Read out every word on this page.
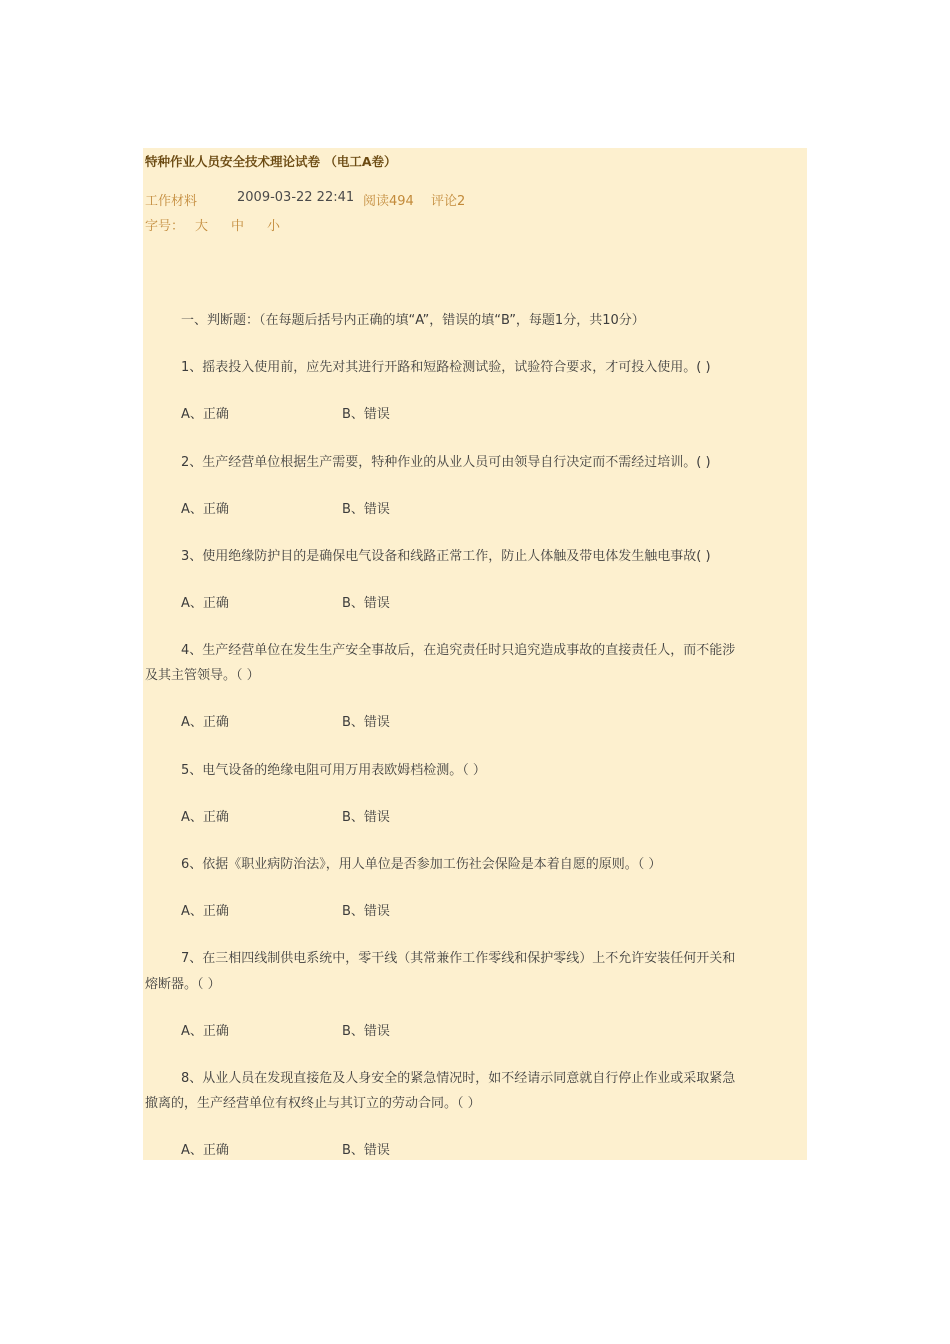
特种作业人员安全技术理论试卷 （电工A卷）
工作材料	2009-03-22 22:41 阅读494 评论2
字号： 大 中 小
一、判断题：（在每题后括号内正确的填“A”，错误的填“B”，每题1分，共10分）
1、摇表投入使用前，应先对其进行开路和短路检测试验，试验符合要求，才可投入使用。( )
A、正确	B、错误
2、生产经营单位根据生产需要，特种作业的从业人员可由领导自行决定而不需经过培训。( )
A、正确	B、错误
3、使用绝缘防护目的是确保电气设备和线路正常工作，防止人体触及带电体发生触电事故( )
A、正确	B、错误
4、生产经营单位在发生生产安全事故后，在追究责任时只追究造成事故的直接责任人，而不能涉
及其主管领导。（ ）
A、正确	B、错误
5、电气设备的绝缘电阻可用万用表欧姆档检测。（ ）
A、正确	B、错误
6、依据《职业病防治法》，用人单位是否参加工伤社会保险是本着自愿的原则。（ ）
A、正确	B、错误
7、在三相四线制供电系统中，零干线（其常兼作工作零线和保护零线）上不允许安装任何开关和
熔断器。（ ）
A、正确	B、错误
8、从业人员在发现直接危及人身安全的紧急情况时，如不经请示同意就自行停止作业或采取紧急
撤离的，生产经营单位有权终止与其订立的劳动合同。（ ）
A、正确	B、错误
